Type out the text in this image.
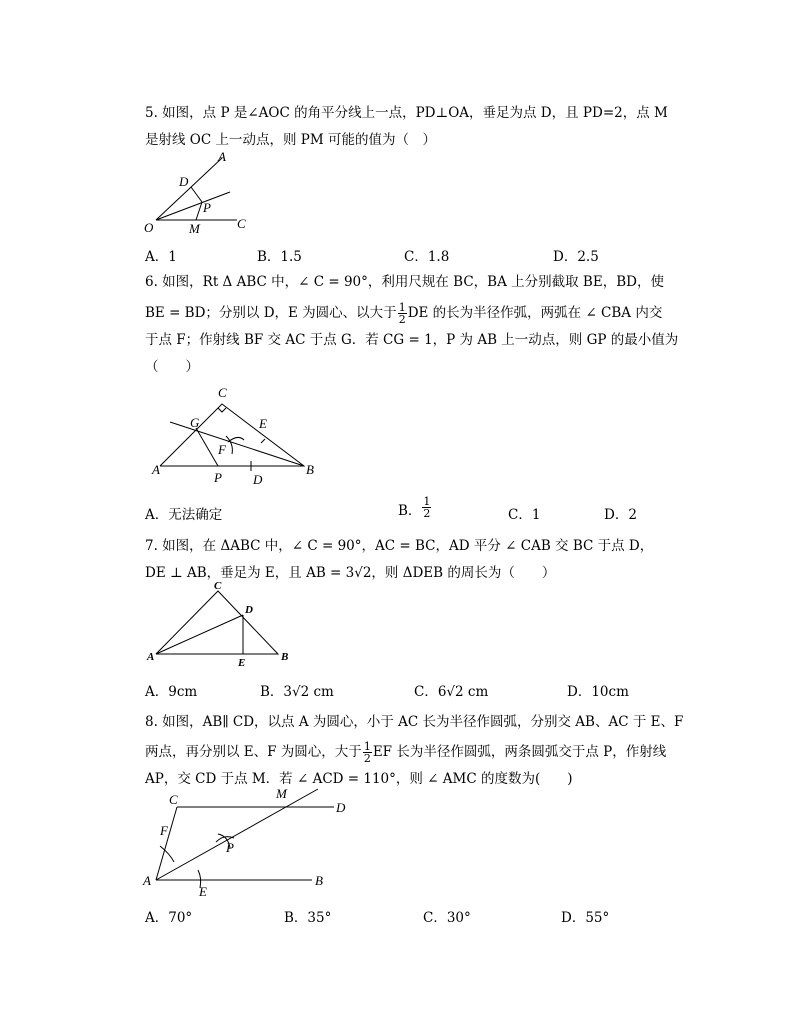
5. 如图，点 P 是∠AOC 的角平分线上一点，PD⊥OA，垂足为点 D，且 PD=2，点 M
是射线 OC 上一动点，则 PM 可能的值为（　）
A
D
P
O	M	C
A．1	B．1.5	C．1.8	D．2.5
6. 如图，Rt Δ ABC 中，∠ C = 90°，利用尺规在 BC，BA 上分别截取 BE，BD，使
BE = BD；分别以 D，E 为圆心、以大于 $\frac{1}{2}$ DE 的长为半径作弧，两弧在 ∠ CBA 内交
于点 F；作射线 BF 交 AC 于点 G．若 CG = 1，P 为 AB 上一动点，则 GP 的最小值为
（　　）
C
G	E
F
A
P D
B
A．无法确定	B． $\frac{1}{2}$	C．1	D．2
7. 如图，在 ΔABC 中，∠ C = 90°，AC = BC，AD 平分 ∠ CAB 交 BC 于点 D，
DE ⊥ AB，垂足为 E，且 AB = 3√2，则 ΔDEB 的周长为（　　）
C
D
A	E	B
A．9cm	B．3√2 cm	C．6√2 cm	D．10cm
8. 如图，AB∥ CD，以点 A 为圆心，小于 AC 长为半径作圆弧，分别交 AB、AC 于 E、F
两点，再分别以 E、F 为圆心，大于 $\frac{1}{2}$ EF 长为半径作圆弧，两条圆弧交于点 P，作射线
AP，交 CD 于点 M．若 ∠ ACD = 110°，则 ∠ AMC 的度数为(　　)
C	M
D
F
P
A
E
B
A．70°	B．35°	C．30°	D．55°
